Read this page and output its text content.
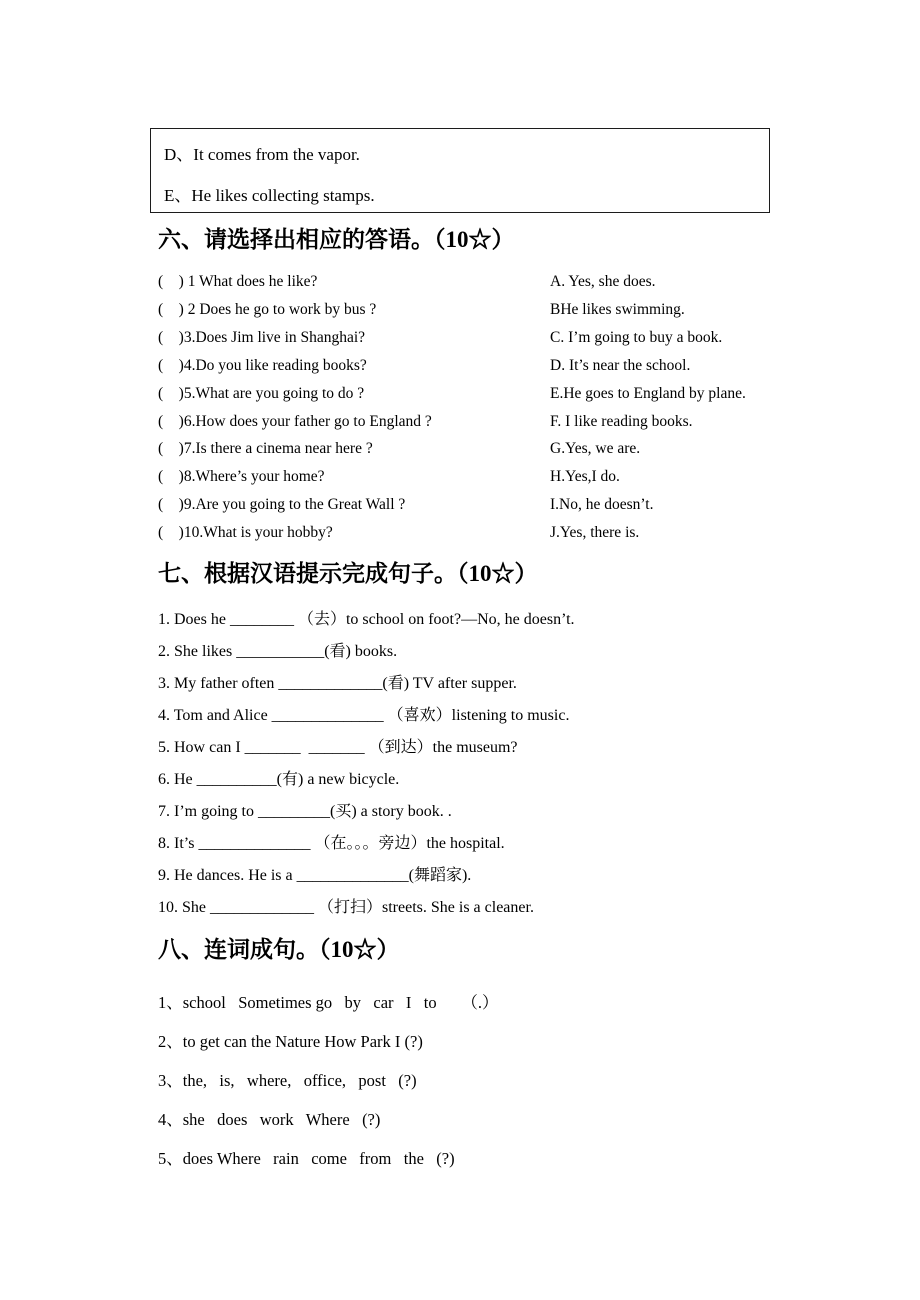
D、It comes from the vapor.

E、He likes collecting stamps.

六、请选择出相应的答语。（10☆）
(　) 1 What does he like?	A. Yes, she does.
(　) 2 Does he go to work by bus ?	BHe likes swimming.
(　)3.Does Jim live in Shanghai?	C. I’m going to buy a book.
(　)4.Do you like reading books?	D. It’s near the school.
(　)5.What are you going to do ?	E.He goes to England by plane.
(　)6.How does your father go to England ?	F. I like reading books.
(　)7.Is there a cinema near here ?	G.Yes, we are.
(　)8.Where’s your home?	H.Yes,I do.
(　)9.Are you going to the Great Wall ?	I.No, he doesn’t.
(　)10.What is your hobby?	J.Yes, there is.
七、根据汉语提示完成句子。（10☆）

1. Does he ________ （去）to school on foot?—No, he doesn’t.

2. She likes ___________(看) books.

3. My father often _____________(看) TV after supper.

4. Tom and Alice ______________ （喜欢）listening to music.

5. How can I _______  _______ （到达）the museum?

6. He __________(有) a new bicycle.

7. I’m going to _________(买) a story book. .

8. It’s ______________ （在。。。旁边）the hospital.

9. He dances. He is a ______________(舞蹈家).

10. She _____________ （打扫）streets. She is a cleaner.

八、连词成句。（10☆）

1、school   Sometimes go   by   car   I   to      （.）

2、to get can the Nature How Park I (?)

3、the,   is,   where,   office,   post   (?)

4、she   does   work   Where   (?)

5、does Where   rain   come   from   the   (?)
